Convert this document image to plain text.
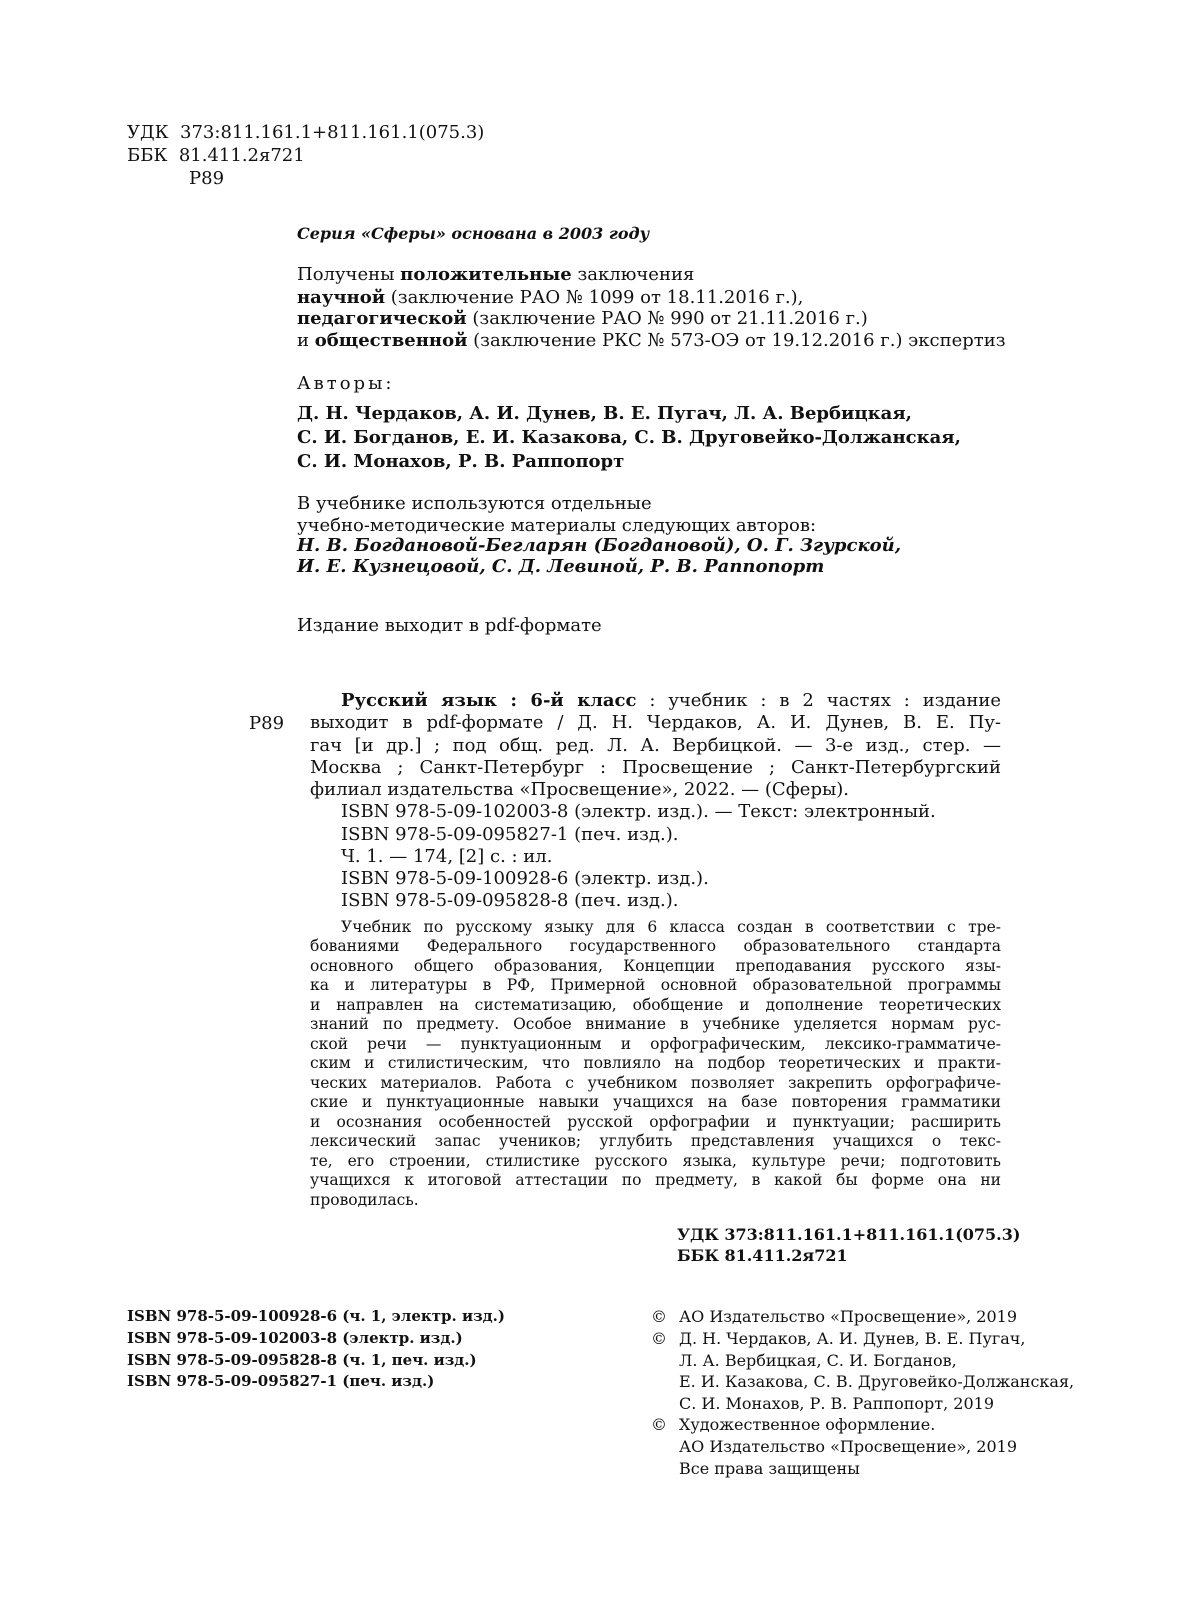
УДК 373:811.161.1+811.161.1(075.3)
ББК 81.411.2я721
Р89
Серия «Сферы» основана в 2003 году
Получены положительные заключения
научной (заключение РАО № 1099 от 18.11.2016 г.),
педагогической (заключение РАО № 990 от 21.11.2016 г.)
и общественной (заключение РКС № 573-ОЭ от 19.12.2016 г.) экспертиз
Авторы:
Д. Н. Чердаков, А. И. Дунев, В. Е. Пугач, Л. А. Вербицкая,
С. И. Богданов, Е. И. Казакова, С. В. Друговейко-Должанская,
С. И. Монахов, Р. В. Раппопорт
В учебнике используются отдельные
учебно-методические материалы следующих авторов:
Н. В. Богдановой-Бегларян (Богдановой), О. Г. Згурской,
И. Е. Кузнецовой, С. Д. Левиной, Р. В. Раппопорт
Издание выходит в pdf-формате
Р89
Русский язык : 6-й класс : учебник : в 2 частях : издание
выходит в pdf-формате / Д. Н. Чердаков, А. И. Дунев, В. Е. Пу-
гач [и др.] ; под общ. ред. Л. А. Вербицкой. — 3-е изд., стер. —
Москва ; Санкт-Петербург : Просвещение ; Санкт-Петербургский
филиал издательства «Просвещение», 2022. — (Сферы).
ISBN 978-5-09-102003-8 (электр. изд.). — Текст: электронный.
ISBN 978-5-09-095827-1 (печ. изд.).
Ч. 1. — 174, [2] с. : ил.
ISBN 978-5-09-100928-6 (электр. изд.).
ISBN 978-5-09-095828-8 (печ. изд.).
Учебник по русскому языку для 6 класса создан в соответствии с тре-
бованиями Федерального государственного образовательного стандарта
основного общего образования, Концепции преподавания русского язы-
ка и литературы в РФ, Примерной основной образовательной программы
и направлен на систематизацию, обобщение и дополнение теоретических
знаний по предмету. Особое внимание в учебнике уделяется нормам рус-
ской речи — пунктуационным и орфографическим, лексико-грамматиче-
ским и стилистическим, что повлияло на подбор теоретических и практи-
ческих материалов. Работа с учебником позволяет закрепить орфографиче-
ские и пунктуационные навыки учащихся на базе повторения грамматики
и осознания особенностей русской орфографии и пунктуации; расширить
лексический запас учеников; углубить представления учащихся о текс-
те, его строении, стилистике русского языка, культуре речи; подготовить
учащихся к итоговой аттестации по предмету, в какой бы форме она ни
проводилась.
УДК 373:811.161.1+811.161.1(075.3)
ББК 81.411.2я721
ISBN 978-5-09-100928-6 (ч. 1, электр. изд.)
ISBN 978-5-09-102003-8 (электр. изд.)
ISBN 978-5-09-095828-8 (ч. 1, печ. изд.)
ISBN 978-5-09-095827-1 (печ. изд.)
© АО Издательство «Просвещение», 2019
© Д. Н. Чердаков, А. И. Дунев, В. Е. Пугач,
Л. А. Вербицкая, С. И. Богданов,
Е. И. Казакова, С. В. Друговейко-Должанская,
С. И. Монахов, Р. В. Раппопорт, 2019
© Художественное оформление.
АО Издательство «Просвещение», 2019
Все права защищены
